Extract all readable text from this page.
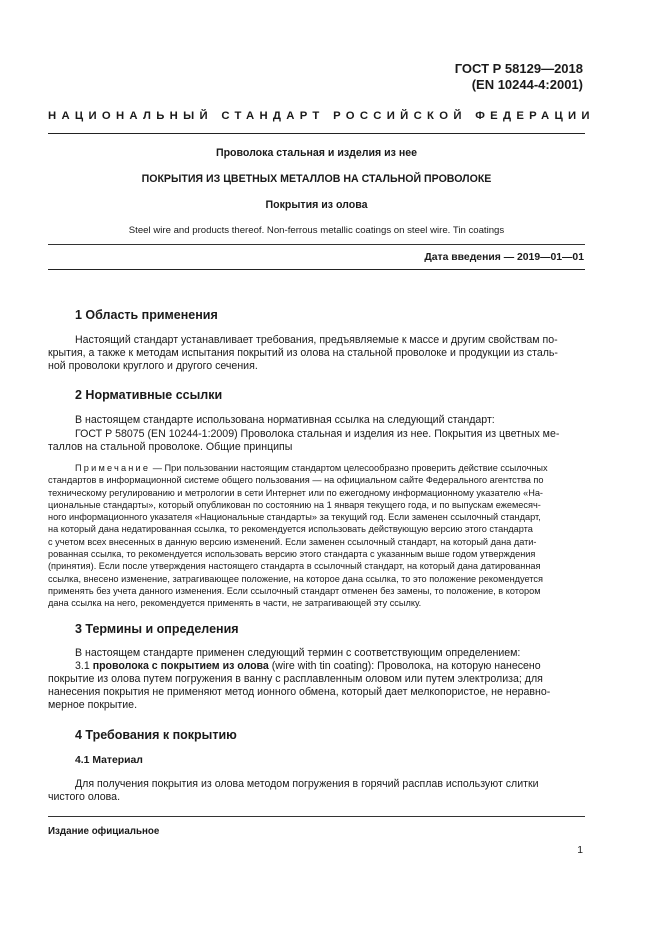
ГОСТ Р 58129—2018
(EN 10244-4:2001)
НАЦИОНАЛЬНЫЙ СТАНДАРТ РОССИЙСКОЙ ФЕДЕРАЦИИ
Проволока стальная и изделия из нее
ПОКРЫТИЯ ИЗ ЦВЕТНЫХ МЕТАЛЛОВ НА СТАЛЬНОЙ ПРОВОЛОКЕ
Покрытия из олова
Steel wire and products thereof. Non-ferrous metallic coatings on steel wire. Tin coatings
Дата введения — 2019—01—01
1 Область применения
Настоящий стандарт устанавливает требования, предъявляемые к массе и другим свойствам по-
крытия, а также к методам испытания покрытий из олова на стальной проволоке и продукции из сталь-
ной проволоки круглого и другого сечения.
2 Нормативные ссылки
В настоящем стандарте использована нормативная ссылка на следующий стандарт:
ГОСТ Р 58075 (EN 10244-1:2009) Проволока стальная и изделия из нее. Покрытия из цветных ме-
таллов на стальной проволоке. Общие принципы
Примечание — При пользовании настоящим стандартом целесообразно проверить действие ссылочных
стандартов в информационной системе общего пользования — на официальном сайте Федерального агентства по
техническому регулированию и метрологии в сети Интернет или по ежегодному информационному указателю «На-
циональные стандарты», который опубликован по состоянию на 1 января текущего года, и по выпускам ежемесяч-
ного информационного указателя «Национальные стандарты» за текущий год. Если заменен ссылочный стандарт,
на который дана недатированная ссылка, то рекомендуется использовать действующую версию этого стандарта
с учетом всех внесенных в данную версию изменений. Если заменен ссылочный стандарт, на который дана дати-
рованная ссылка, то рекомендуется использовать версию этого стандарта с указанным выше годом утверждения
(принятия). Если после утверждения настоящего стандарта в ссылочный стандарт, на который дана датированная
ссылка, внесено изменение, затрагивающее положение, на которое дана ссылка, то это положение рекомендуется
применять без учета данного изменения. Если ссылочный стандарт отменен без замены, то положение, в котором
дана ссылка на него, рекомендуется применять в части, не затрагивающей эту ссылку.
3 Термины и определения
В настоящем стандарте применен следующий термин с соответствующим определением:
3.1 проволока с покрытием из олова (wire with tin coating): Проволока, на которую нанесено
покрытие из олова путем погружения в ванну с расплавленным оловом или путем электролиза; для
нанесения покрытия не применяют метод ионного обмена, который дает мелкопористое, не неравно-
мерное покрытие.
4 Требования к покрытию
4.1 Материал
Для получения покрытия из олова методом погружения в горячий расплав используют слитки
чистого олова.
Издание официальное
1
